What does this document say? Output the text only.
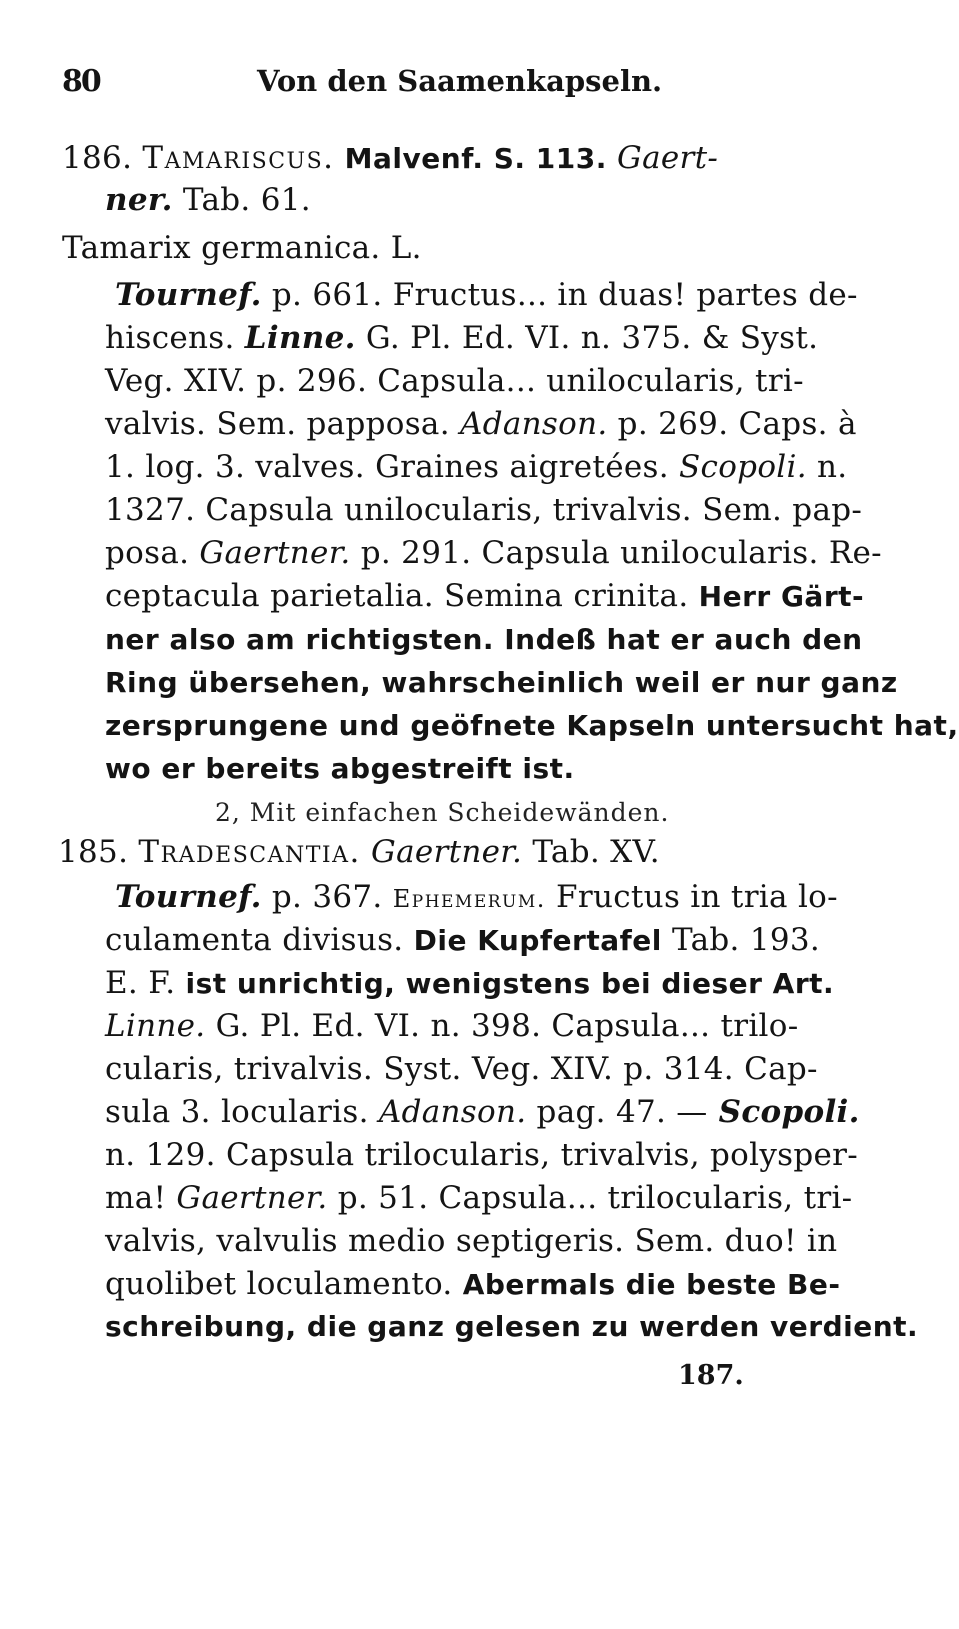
80	Von den Saamenkapseln.
186. Tamariscus. Malvenf. S. 113. Gaert-
ner. Tab. 61.
Tamarix germanica. L.
Tournef. p. 661. Fructus... in duas! partes de-
hiscens. Linne. G. Pl. Ed. VI. n. 375. & Syst.
Veg. XIV. p. 296. Capsula... unilocularis, tri-
valvis. Sem. papposa. Adanson. p. 269. Caps. à
1. log. 3. valves. Graines aigretées. Scopoli. n.
1327. Capsula unilocularis, trivalvis. Sem. pap-
posa. Gaertner. p. 291. Capsula unilocularis. Re-
ceptacula parietalia. Semina crinita. Herr Gärt-
ner also am richtigsten. Indeß hat er auch den
Ring übersehen, wahrscheinlich weil er nur ganz
zersprungene und geöfnete Kapseln untersucht hat,
wo er bereits abgestreift ist.
2, Mit einfachen Scheidewänden.
185. Tradescantia. Gaertner. Tab. XV.
Tournef. p. 367. Ephemerum. Fructus in tria lo-
culamenta divisus. Die Kupfertafel Tab. 193.
E. F. ist unrichtig, wenigstens bei dieser Art.
Linne. G. Pl. Ed. VI. n. 398. Capsula... trilo-
cularis, trivalvis. Syst. Veg. XIV. p. 314. Cap-
sula 3. locularis. Adanson. pag. 47. — Scopoli.
n. 129. Capsula trilocularis, trivalvis, polysper-
ma! Gaertner. p. 51. Capsula... trilocularis, tri-
valvis, valvulis medio septigeris. Sem. duo! in
quolibet loculamento. Abermals die beste Be-
schreibung, die ganz gelesen zu werden verdient.
187.
